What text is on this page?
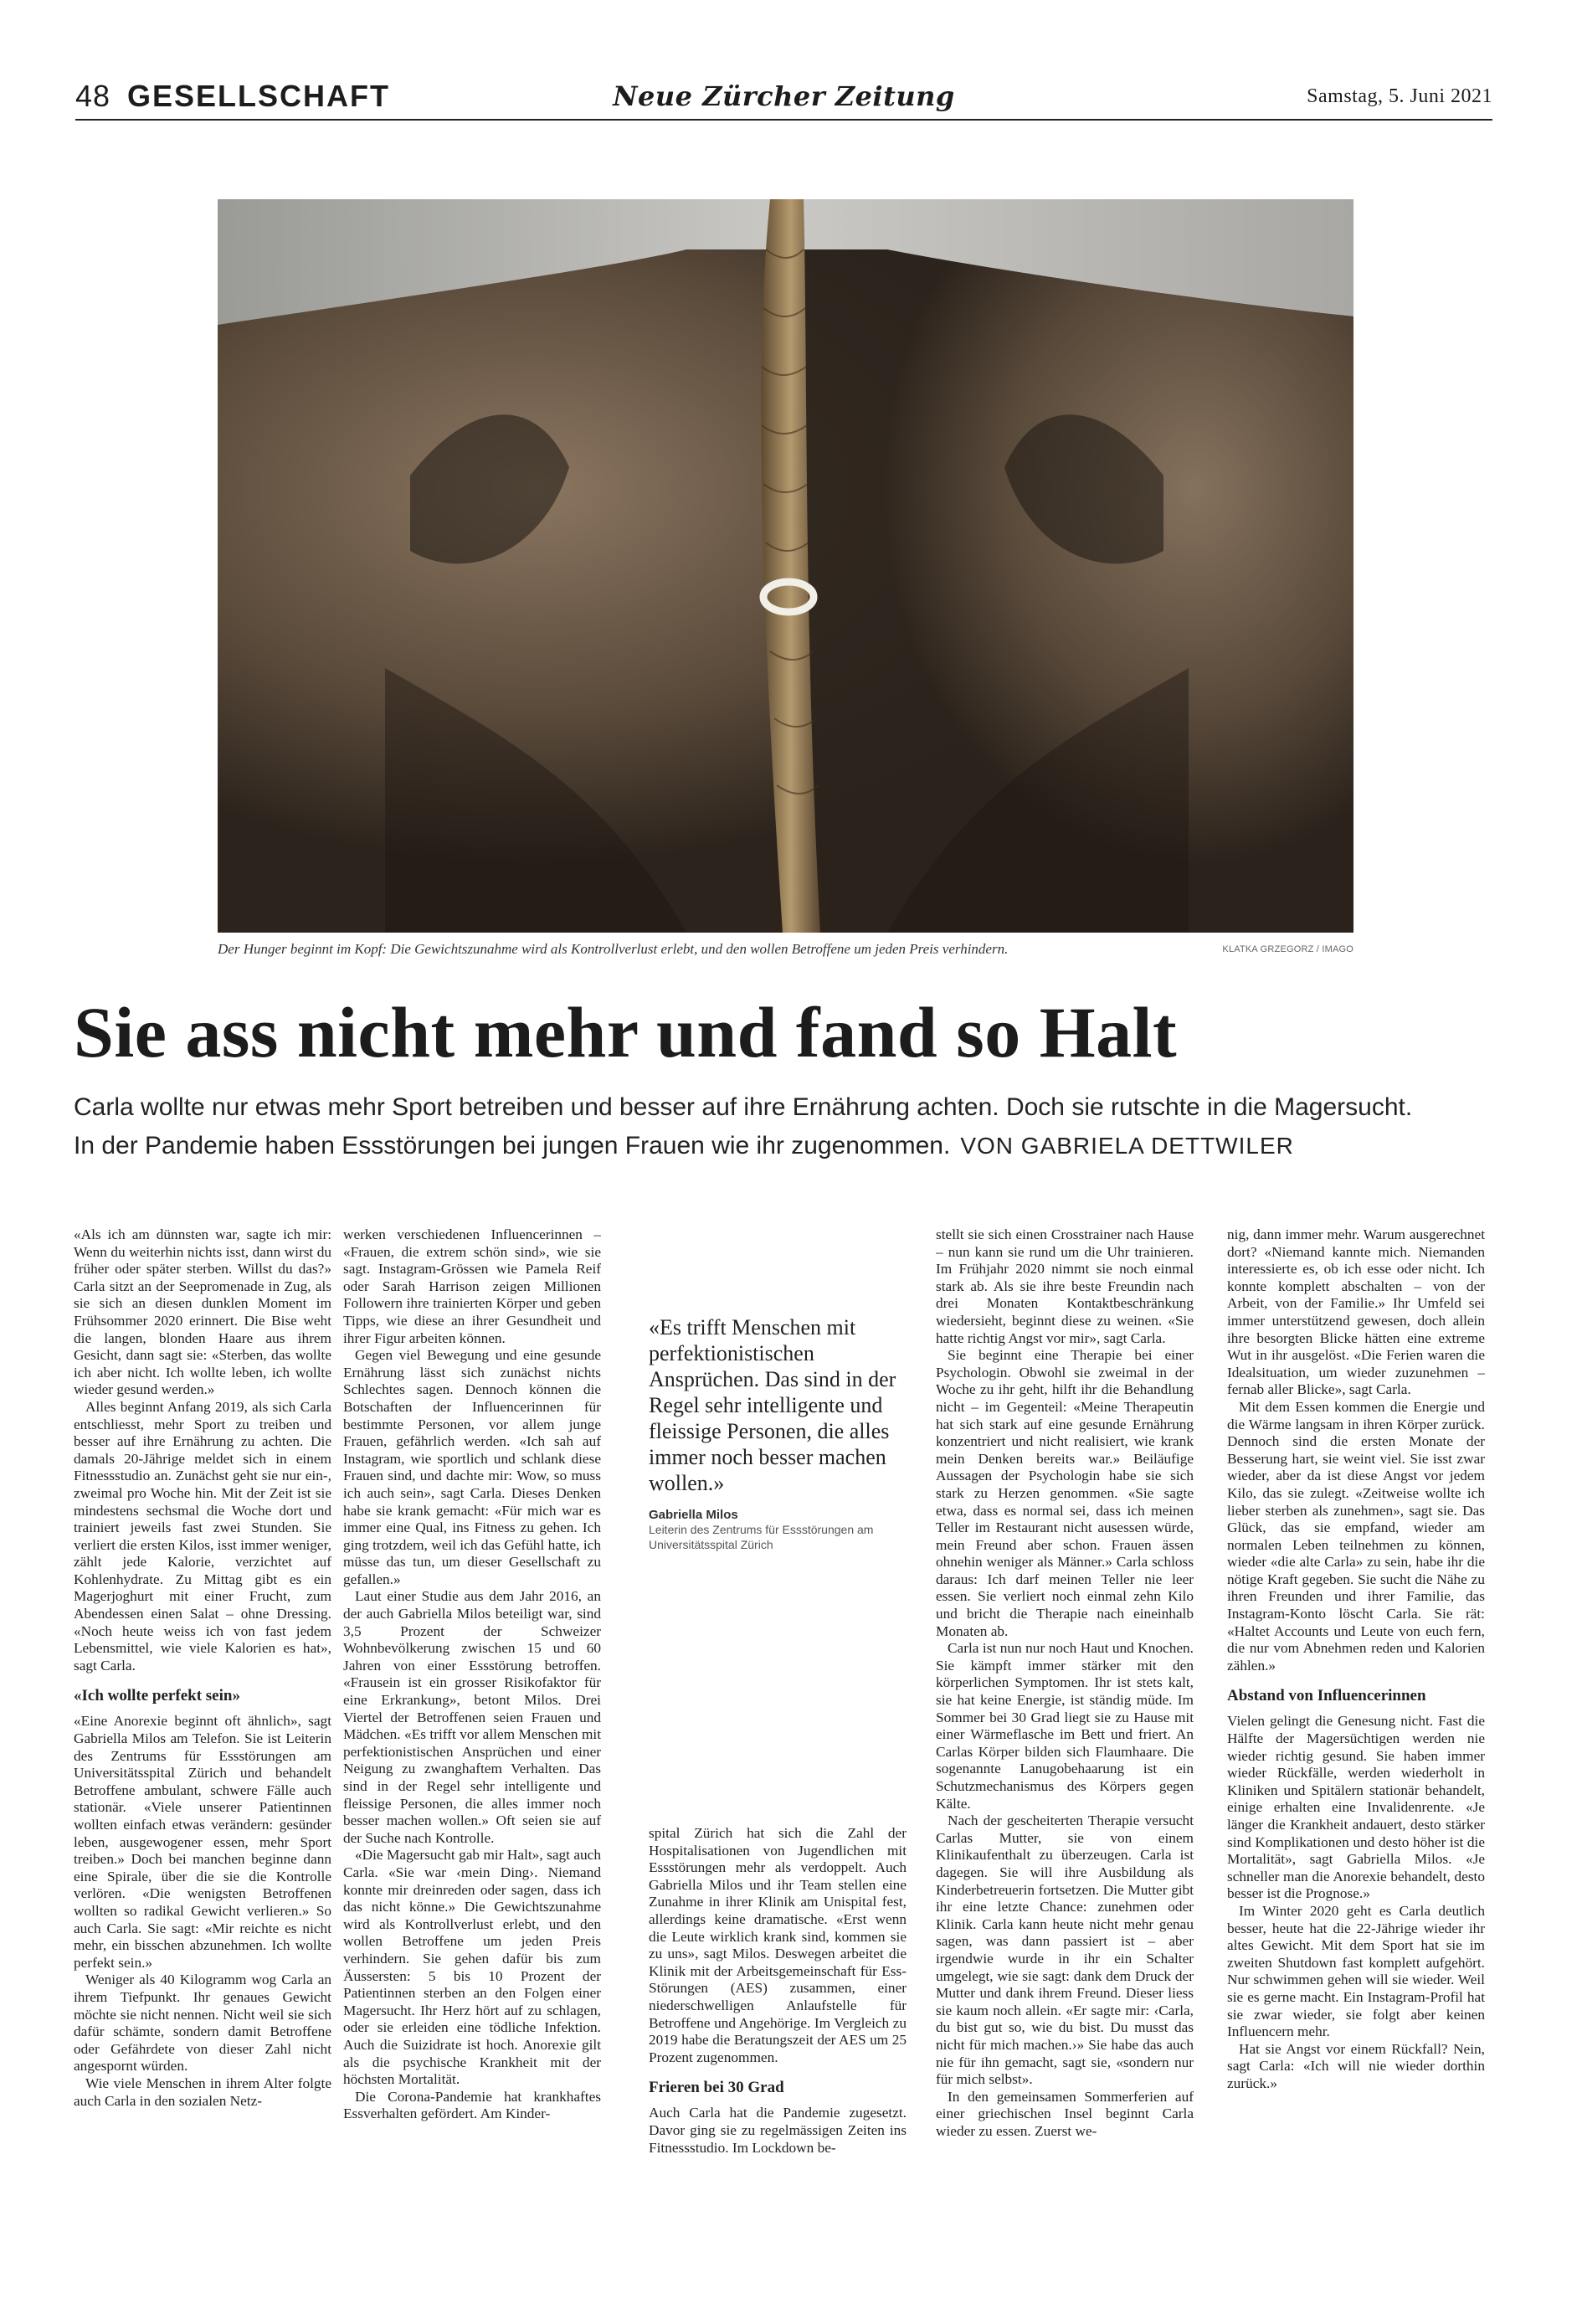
48 GESELLSCHAFT	Neue Zürcher Zeitung	Samstag, 5. Juni 2021
Der Hunger beginnt im Kopf: Die Gewichtszunahme wird als Kontrollverlust erlebt, und den wollen Betroffene um jeden Preis verhindern.	KLATKA GRZEGORZ / IMAGO
Sie ass nicht mehr und fand so Halt

Carla wollte nur etwas mehr Sport betreiben und besser auf ihre Ernährung achten. Doch sie rutschte in die Magersucht.

In der Pandemie haben Essstörungen bei jungen Frauen wie ihr zugenommen. VON GABRIELA DETTWILER

«Als ich am dünnsten war, sagte ich mir: Wenn du weiterhin nichts isst, dann wirst du früher oder später sterben. Willst du das?» Carla sitzt an der Seepromenade in Zug, als sie sich an diesen dunklen Moment im Frühsommer 2020 erinnert. Die Bise weht die langen, blonden Haare aus ihrem Gesicht, dann sagt sie: «Sterben, das wollte ich aber nicht. Ich wollte leben, ich wollte wieder gesund werden.»

Alles beginnt Anfang 2019, als sich Carla entschliesst, mehr Sport zu treiben und besser auf ihre Ernährung zu achten. Die damals 20-Jährige meldet sich in einem Fitnessstudio an. Zunächst geht sie nur ein-, zweimal pro Woche hin. Mit der Zeit ist sie mindestens sechsmal die Woche dort und trainiert jeweils fast zwei Stunden. Sie verliert die ersten Kilos, isst immer weniger, zählt jede Kalorie, verzichtet auf Kohlenhydrate. Zu Mittag gibt es ein Magerjoghurt mit einer Frucht, zum Abendessen einen Salat – ohne Dressing. «Noch heute weiss ich von fast jedem Lebensmittel, wie viele Kalorien es hat», sagt Carla.

«Ich wollte perfekt sein»

«Eine Anorexie beginnt oft ähnlich», sagt Gabriella Milos am Telefon. Sie ist Leiterin des Zentrums für Essstörungen am Universitätsspital Zürich und behandelt Betroffene ambulant, schwere Fälle auch stationär. «Viele unserer Patientinnen wollten einfach etwas verändern: gesünder leben, ausgewogener essen, mehr Sport treiben.» Doch bei manchen beginne dann eine Spirale, über die sie die Kontrolle verlören. «Die wenigsten Betroffenen wollten so radikal Gewicht verlieren.» So auch Carla. Sie sagt: «Mir reichte es nicht mehr, ein bisschen abzunehmen. Ich wollte perfekt sein.»

Weniger als 40 Kilogramm wog Carla an ihrem Tiefpunkt. Ihr genaues Gewicht möchte sie nicht nennen. Nicht weil sie sich dafür schämte, sondern damit Betroffene oder Gefährdete von dieser Zahl nicht angespornt würden.

Wie viele Menschen in ihrem Alter folgte auch Carla in den sozialen Netz-

werken verschiedenen Influencerinnen – «Frauen, die extrem schön sind», wie sie sagt. Instagram-Grössen wie Pamela Reif oder Sarah Harrison zeigen Millionen Followern ihre trainierten Körper und geben Tipps, wie diese an ihrer Gesundheit und ihrer Figur arbeiten können.

Gegen viel Bewegung und eine gesunde Ernährung lässt sich zunächst nichts Schlechtes sagen. Dennoch können die Botschaften der Influencerinnen für bestimmte Personen, vor allem junge Frauen, gefährlich werden. «Ich sah auf Instagram, wie sportlich und schlank diese Frauen sind, und dachte mir: Wow, so muss ich auch sein», sagt Carla. Dieses Denken habe sie krank gemacht: «Für mich war es immer eine Qual, ins Fitness zu gehen. Ich ging trotzdem, weil ich das Gefühl hatte, ich müsse das tun, um dieser Gesellschaft zu gefallen.»

Laut einer Studie aus dem Jahr 2016, an der auch Gabriella Milos beteiligt war, sind 3,5 Prozent der Schweizer Wohnbevölkerung zwischen 15 und 60 Jahren von einer Essstörung betroffen. «Frausein ist ein grosser Risikofaktor für eine Erkrankung», betont Milos. Drei Viertel der Betroffenen seien Frauen und Mädchen. «Es trifft vor allem Menschen mit perfektionistischen Ansprüchen und einer Neigung zu zwanghaftem Verhalten. Das sind in der Regel sehr intelligente und fleissige Personen, die alles immer noch besser machen wollen.» Oft seien sie auf der Suche nach Kontrolle.

«Die Magersucht gab mir Halt», sagt auch Carla. «Sie war ‹mein Ding›. Niemand konnte mir dreinreden oder sagen, dass ich das nicht könne.» Die Gewichtszunahme wird als Kontrollverlust erlebt, und den wollen Betroffene um jeden Preis verhindern. Sie gehen dafür bis zum Äussersten: 5 bis 10 Prozent der Patientinnen sterben an den Folgen einer Magersucht. Ihr Herz hört auf zu schlagen, oder sie erleiden eine tödliche Infektion. Auch die Suizidrate ist hoch. Anorexie gilt als die psychische Krankheit mit der höchsten Mortalität.

Die Corona-Pandemie hat krankhaftes Essverhalten gefördert. Am Kinder-

«Es trifft Menschen mit perfektionistischen Ansprüchen. Das sind in der Regel sehr intelligente und fleissige Personen, die alles immer noch besser machen wollen.»
Gabriella Milos
Leiterin des Zentrums für Essstörungen am Universitätsspital Zürich

spital Zürich hat sich die Zahl der Hospitalisationen von Jugendlichen mit Essstörungen mehr als verdoppelt. Auch Gabriella Milos und ihr Team stellen eine Zunahme in ihrer Klinik am Unispital fest, allerdings keine dramatische. «Erst wenn die Leute wirklich krank sind, kommen sie zu uns», sagt Milos. Deswegen arbeitet die Klinik mit der Arbeitsgemeinschaft für Ess-Störungen (AES) zusammen, einer niederschwelligen Anlaufstelle für Betroffene und Angehörige. Im Vergleich zu 2019 habe die Beratungszeit der AES um 25 Prozent zugenommen.

Frieren bei 30 Grad

Auch Carla hat die Pandemie zugesetzt. Davor ging sie zu regelmässigen Zeiten ins Fitnessstudio. Im Lockdown be-

stellt sie sich einen Crosstrainer nach Hause – nun kann sie rund um die Uhr trainieren. Im Frühjahr 2020 nimmt sie noch einmal stark ab. Als sie ihre beste Freundin nach drei Monaten Kontaktbeschränkung wiedersieht, beginnt diese zu weinen. «Sie hatte richtig Angst vor mir», sagt Carla.

Sie beginnt eine Therapie bei einer Psychologin. Obwohl sie zweimal in der Woche zu ihr geht, hilft ihr die Behandlung nicht – im Gegenteil: «Meine Therapeutin hat sich stark auf eine gesunde Ernährung konzentriert und nicht realisiert, wie krank mein Denken bereits war.» Beiläufige Aussagen der Psychologin habe sie sich stark zu Herzen genommen. «Sie sagte etwa, dass es normal sei, dass ich meinen Teller im Restaurant nicht ausessen würde, mein Freund aber schon. Frauen ässen ohnehin weniger als Männer.» Carla schloss daraus: Ich darf meinen Teller nie leer essen. Sie verliert noch einmal zehn Kilo und bricht die Therapie nach eineinhalb Monaten ab.

Carla ist nun nur noch Haut und Knochen. Sie kämpft immer stärker mit den körperlichen Symptomen. Ihr ist stets kalt, sie hat keine Energie, ist ständig müde. Im Sommer bei 30 Grad liegt sie zu Hause mit einer Wärmeflasche im Bett und friert. An Carlas Körper bilden sich Flaumhaare. Die sogenannte Lanugobehaarung ist ein Schutzmechanismus des Körpers gegen Kälte.

Nach der gescheiterten Therapie versucht Carlas Mutter, sie von einem Klinikaufenthalt zu überzeugen. Carla ist dagegen. Sie will ihre Ausbildung als Kinderbetreuerin fortsetzen. Die Mutter gibt ihr eine letzte Chance: zunehmen oder Klinik. Carla kann heute nicht mehr genau sagen, was dann passiert ist – aber irgendwie wurde in ihr ein Schalter umgelegt, wie sie sagt: dank dem Druck der Mutter und dank ihrem Freund. Dieser liess sie kaum noch allein. «Er sagte mir: ‹Carla, du bist gut so, wie du bist. Du musst das nicht für mich machen.›» Sie habe das auch nie für ihn gemacht, sagt sie, «sondern nur für mich selbst».

In den gemeinsamen Sommerferien auf einer griechischen Insel beginnt Carla wieder zu essen. Zuerst we-

nig, dann immer mehr. Warum ausgerechnet dort? «Niemand kannte mich. Niemanden interessierte es, ob ich esse oder nicht. Ich konnte komplett abschalten – von der Arbeit, von der Familie.» Ihr Umfeld sei immer unterstützend gewesen, doch allein ihre besorgten Blicke hätten eine extreme Wut in ihr ausgelöst. «Die Ferien waren die Idealsituation, um wieder zuzunehmen – fernab aller Blicke», sagt Carla.

Mit dem Essen kommen die Energie und die Wärme langsam in ihren Körper zurück. Dennoch sind die ersten Monate der Besserung hart, sie weint viel. Sie isst zwar wieder, aber da ist diese Angst vor jedem Kilo, das sie zulegt. «Zeitweise wollte ich lieber sterben als zunehmen», sagt sie. Das Glück, das sie empfand, wieder am normalen Leben teilnehmen zu können, wieder «die alte Carla» zu sein, habe ihr die nötige Kraft gegeben. Sie sucht die Nähe zu ihren Freunden und ihrer Familie, das Instagram-Konto löscht Carla. Sie rät: «Haltet Accounts und Leute von euch fern, die nur vom Abnehmen reden und Kalorien zählen.»

Abstand von Influencerinnen

Vielen gelingt die Genesung nicht. Fast die Hälfte der Magersüchtigen werden nie wieder richtig gesund. Sie haben immer wieder Rückfälle, werden wiederholt in Kliniken und Spitälern stationär behandelt, einige erhalten eine Invalidenrente. «Je länger die Krankheit andauert, desto stärker sind Komplikationen und desto höher ist die Mortalität», sagt Gabriella Milos. «Je schneller man die Anorexie behandelt, desto besser ist die Prognose.»

Im Winter 2020 geht es Carla deutlich besser, heute hat die 22-Jährige wieder ihr altes Gewicht. Mit dem Sport hat sie im zweiten Shutdown fast komplett aufgehört. Nur schwimmen gehen will sie wieder. Weil sie es gerne macht. Ein Instagram-Profil hat sie zwar wieder, sie folgt aber keinen Influencern mehr.

Hat sie Angst vor einem Rückfall? Nein, sagt Carla: «Ich will nie wieder dorthin zurück.»
